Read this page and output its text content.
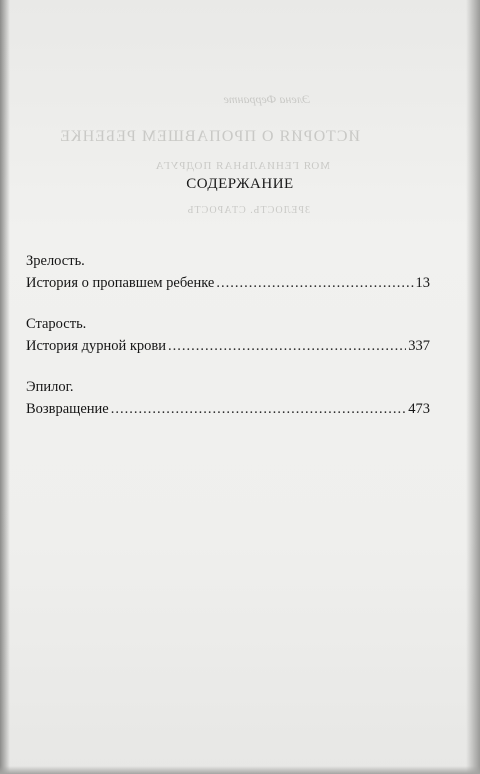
Элена Ферранте
ИСТОРИЯ О ПРОПАВШЕМ РЕБЕНКЕ
МОЯ ГЕНИАЛЬНАЯ ПОДРУГА
ЗРЕЛОСТЬ. СТАРОСТЬ
СОДЕРЖАНИЕ
Зрелость.
История о пропавшем ребенке .....	13
Старость.
История дурной крови .....	337
Эпилог.
Возвращение .....	473
